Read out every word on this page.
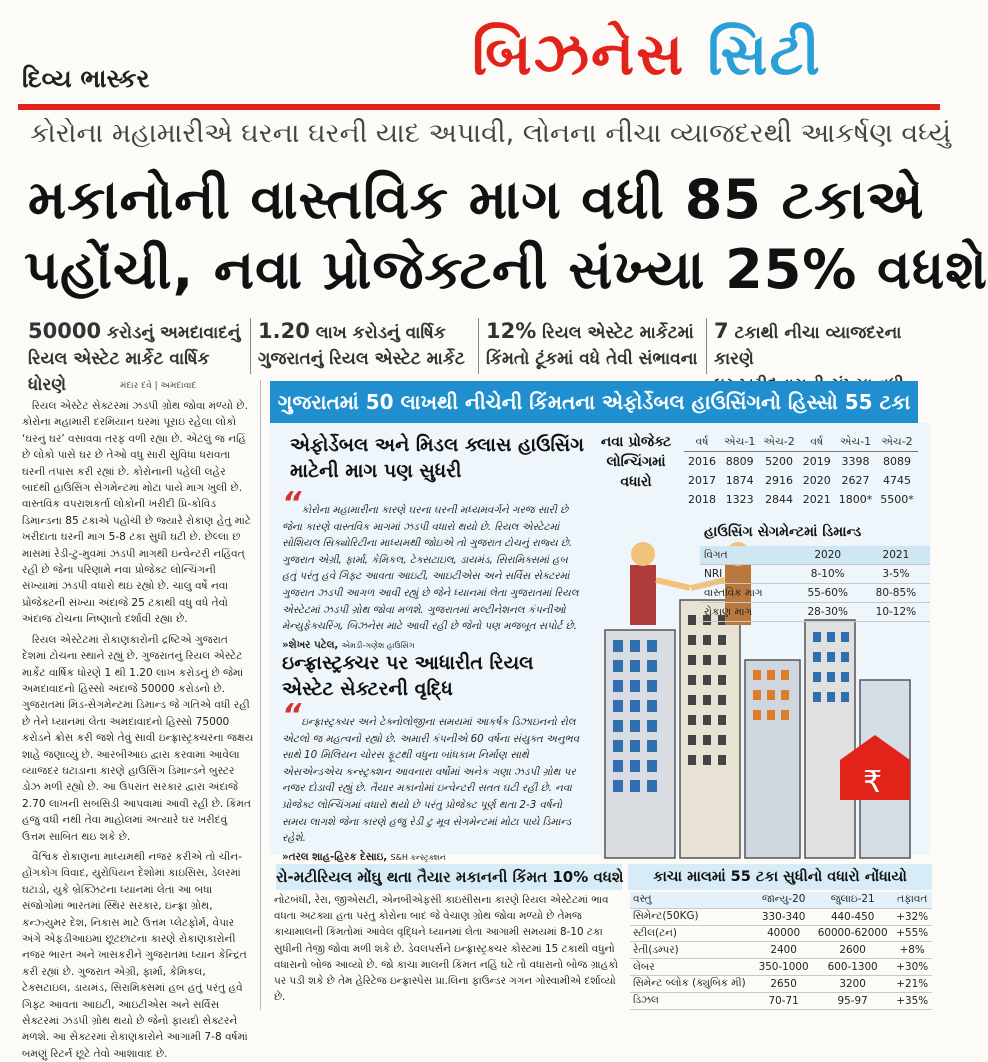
દિવ્ય ભાસ્કર	બિઝનેસ સિટી
કોરોના મહામારીએ ઘરના ઘરની યાદ અપાવી, લોનના નીચા વ્યાજદરથી આકર્ષણ વધ્યું
મકાનોની વાસ્તવિક માગ વધી 85 ટકાએ
પહોંચી, નવા પ્રોજેક્ટની સંખ્યા 25% વધશે
50000 કરોડનું અમદાવાદનું
રિયલ એસ્ટેટ માર્કેટ વાર્ષિક ધોરણે
1.20 લાખ કરોડનું વાર્ષિક
ગુજરાતનું રિયલ એસ્ટેટ માર્કેટ
12% રિયલ એસ્ટેટ માર્કેટમાં
કિંમતો ટૂંકમાં વધે તેવી સંભાવના
7 ટકાથી નીચા વ્યાજદરના કારણે
મંદાર દવે | અમદાવાદ

રિયલ એસ્ટેટ સેક્ટરમાં ઝડપી ગ્રોથ જોવા મળ્યો છે. કોરોના મહામારી દરમિયાન ઘરમાં પૂરાઇ રહેલા લોકો ‘ઘરનું ઘર’ વસાવવા તરફ વળી રહ્યા છે. એટલું જ નહિં છે લોકો પાસે ઘર છે તેઓ વધુ સારી સુવિધા ધરાવતા ઘરની તપાસ કરી રહ્યાં છે. કોરોનાની પહેલી લહેર બાદથી હાઉસિંગ સેગમેન્ટમાં મોટા પાયે માગ ખુલી છે. વાસ્તવિક વપરાશકર્તા લોકોની ખરીદી પ્રિ-કોવિડ ડિમાન્ડના 85 ટકાએ પહોંચી છે જ્યારે રોકાણ હેતુ માટે ખરીદાતા ઘરની માગ 5-8 ટકા સુધી ઘટી છે. છેલ્લા છ માસમાં રેડી-ટુ-મુવમાં ઝડપી માગથી ઇન્વેન્ટરી નહિંવત્ રહી છે જેના પરિણામે નવા પ્રોજેક્ટ લોન્ચિંગની સંખ્યામાં ઝડપી વધારો થઇ રહ્યો છે. ચાલુ વર્ષે નવા પ્રોજેક્ટની સંખ્યા અંદાજે 25 ટકાથી વધુ વધે તેવો અંદાજ ટોચના નિષ્ણાતો દર્શાવી રહ્યા છે.

રિયલ એસ્ટેટમાં રોકાણકારોની દ્રષ્ટિએ ગુજરાત દેશમાં ટોચના સ્થાને રહ્યું છે. ગુજરાતનું રિયલ એસ્ટેટ માર્કેટ વાર્ષિક ધોરણે 1 થી 1.20 લાખ કરોડનું છે જેમાં અમદાવાદનો હિસ્સો અંદાજે 50000 કરોડનો છે. ગુજરાતમાં મિડ-સેગમેન્ટમાં ડિમાન્ડ જે ગતિએ વધી રહી છે તેને ધ્યાનમાં લેતા અમદાવાદનો હિસ્સો 75000 કરોડને ક્રોસ કરી જશે તેવું સાવી ઇન્ફ્રાસ્ટ્રક્ચરના જક્ષય શાહે જણાવ્યું છે. આરબીઆઇ દ્વારા કરવામાં આવેલા વ્યાજદર ઘટાડાના કારણે હાઉસિંગ ડિમાન્ડને બુસ્ટર ડોઝ મળી રહ્યો છે. આ ઉપરાંત સરકાર દ્વારા અંદાજે 2.70 લાખની સબસિડી આપવામાં આવી રહી છે. કિંમત હજુ વધી નથી તેવા માહોલમાં અત્યારે ઘર ખરીદવું ઉત્તમ સાબિત થઇ શકે છે.

વૈશ્વિક રોકાણના માધ્યમથી નજર કરીએ તો ચીન-હોંગકોંગ વિવાદ, યુરોપિયન દેશોમાં કાઇસિસ, ડેલરમાં ઘટાડો, યુકે બ્રેક્ઝિટના ધ્યાનમાં લેતા આ બધા સંજોગોમાં ભારતમાં સ્થિર સરકાર, ઇન્ફ્રા ગ્રોથ, કન્ઝ્યુમર દેશ, નિકાસ માટે ઉત્તમ પ્લેટફોર્મ, વેપાર અંગે એફડીઆઇમાં છૂટછાટના કારણે રોકાણકારોની નજર ભારત અને ખાસકરીને ગુજરાતમાં ધ્યાન કેન્દ્રિત કરી રહ્યાં છે. ગુજરાત એગ્રી, ફાર્મા, કેમિકલ, ટેક્સટાઇલ, ડાયમંડ, સિરામિક્સમાં હબ હતું પરંતુ હવે ગિફ્ટ આવતા આઇટી, આઇટીએસ અને સર્વિસ સેક્ટરમાં ઝડપી ગ્રોથ થયો છે જેનો ફાયદો સેક્ટરને મળશે. આ સેક્ટરમાં રોકાણકારોને આગામી 7-8 વર્ષમાં બમણું રિટર્ન છૂટે તેવો આશાવાદ છે.

ગુજરાતમાં 50 લાખથી નીચેની કિંમતના એફોર્ડેબલ હાઉસિંગનો હિસ્સો 55 ટકા
₹
એફોર્ડેબલ અને મિડલ ક્લાસ હાઉસિંગ
માટેની માગ પણ સુધરી
“કોરોના મહામારીના કારણે ઘરના ઘરની મધ્યમવર્ગને ગરજ સારી છે જેના કારણે વાસ્તવિક માગમાં ઝડપી વધારો થયો છે. રિયલ એસ્ટેટમાં સોશિયલ સિક્યોરિટીના માધ્યમથી જોઇએ તો ગુજરાત ટોચનું રાજ્ય છે. ગુજરાત એગ્રી, ફાર્મા, કેમિકલ, ટેક્સટાઇલ, ડાયમંડ, સિરામિક્સમાં હબ હતું પરંતુ હવે ગિફ્ટ આવતા આઇટી, આઇટીએસ અને સર્વિસ સેક્ટરમાં ગુજરાત ઝડપી આગળ આવી રહ્યું છે જેને ધ્યાનમાં લેતા ગુજરાતમાં રિયલ એસ્ટેટમાં ઝડપી ગ્રોથ જોવા મળશે. ગુજરાતમાં મલ્ટીનેશનલ કંપનીઓ મેન્યુફેક્ચરિંગ, બિઝનેસ માટે આવી રહી છે જેનો પણ મજબૂત સપોર્ટ છે.
»શેખર પટેલ, એમડી-ગણેશ હાઉસિંગ
ઇન્ફ્રાસ્ટ્રક્ચર પર આધારીત રિયલ
એસ્ટેટ સેક્ટરની વૃદ્ધિ
“ઇન્ફ્રાસ્ટ્રક્ચર અને ટેક્નોલોજીના સમયમાં આકર્ષક ડિઝાઇનનો રોલ એટલો જ મહત્વનો રહ્યો છે. અમારી કંપનીએ 60 વર્ષના સંયુક્ત અનુભવ સાથે 10 મિલિયન ચોરસ ફૂટથી વધુના બાંધકામ નિર્માણ સાથે એસએન્ડએચ કન્સ્ટ્રક્શન આવનારા વર્ષોમાં અનેક ગણા ઝડપી ગ્રોથ પર નજર દોડાવી રહ્યું છે. તૈયાર મકાનોમાં ઇન્વેન્ટરી સતત ઘટી રહી છે. નવા પ્રોજેક્ટ લોન્ચિંગમાં વધારો થયો છે પરંતુ પ્રોજેક્ટ પૂર્ણ થતા 2-3 વર્ષનો સમય લાગશે જેના કારણે હજુ રેડી ટુ મૂવ સેગમેન્ટમાં મોટા પાયે ડિમાન્ડ રહેશે.
»તરલ શાહ-હિરક દેસાઇ, S&H કન્સ્ટ્રક્શન
નવા પ્રોજેક્ટ
લોન્ચિંગમાં
વધારો
વર્ષ	એચ-1	એચ-2	વર્ષ	એચ-1	એચ-2
2016	8809	5200	2019	3398	8089
2017	1874	2916	2020	2627	4745
2018	1323	2844	2021	1800*	5500*
હાઉસિંગ સેગમેન્ટમાં ડિમાન્ડ
વિગત	2020	2021
NRI	8-10%	3-5%
વાસ્તવિક માગ	55-60%	80-85%
રોકાણ માગ	28-30%	10-12%
રો-મટીરિયલ મોંઘુ થતા તૈયાર મકાનની કિંમત 10% વધશે
નોટબંધી, રેરા, જીએસટી, એનબીએફસી કાઇસીસના કારણે રિયલ એસ્ટેટમાં ભાવ વધતા અટક્યા હતા પરંતુ કોરોના બાદ જે વેચાણ ગ્રોથ જોવા મળ્યો છે તેમજ કાચામાલની કિંમતોમાં આવેલ વૃદ્ધિને ધ્યાનમાં લેતા આગામી સમયમાં 8-10 ટકા સુધીની તેજી જોવા મળી શકે છે. ડેવલપર્સને ઇન્ફ્રાસ્ટ્રક્ચર કોસ્ટમાં 15 ટકાથી વધુનો વધારાનો બોજ આવ્યો છે. જો કાચા માલની કિંમત નહિં ઘટે તો વધારાનો બોજ ગ્રાહકો પર પડી શકે છે તેમ હેરિટેજ ઇન્ફ્રાસ્પેસ પ્રા.લિના ફાઉન્ડર ગગન ગોસ્વામીએ દર્શાવ્યો છે.
કાચા માલમાં 55 ટકા સુધીનો વધારો નોંધાયો
વસ્તુ	જાન્યુ-20	જુલાઇ-21	તફાવત
સિમેન્ટ(50KG)	330-340	440-450	+32%
સ્ટીલ(ટન)	40000	60000-62000	+55%
રેતી(ડમ્પર)	2400	2600	+8%
લેબર	350-1000	600-1300	+30%
સિમેન્ટ બ્લોક (ક્યુબિક મી)	2650	3200	+21%
ડિઝલ	70-71	95-97	+35%
